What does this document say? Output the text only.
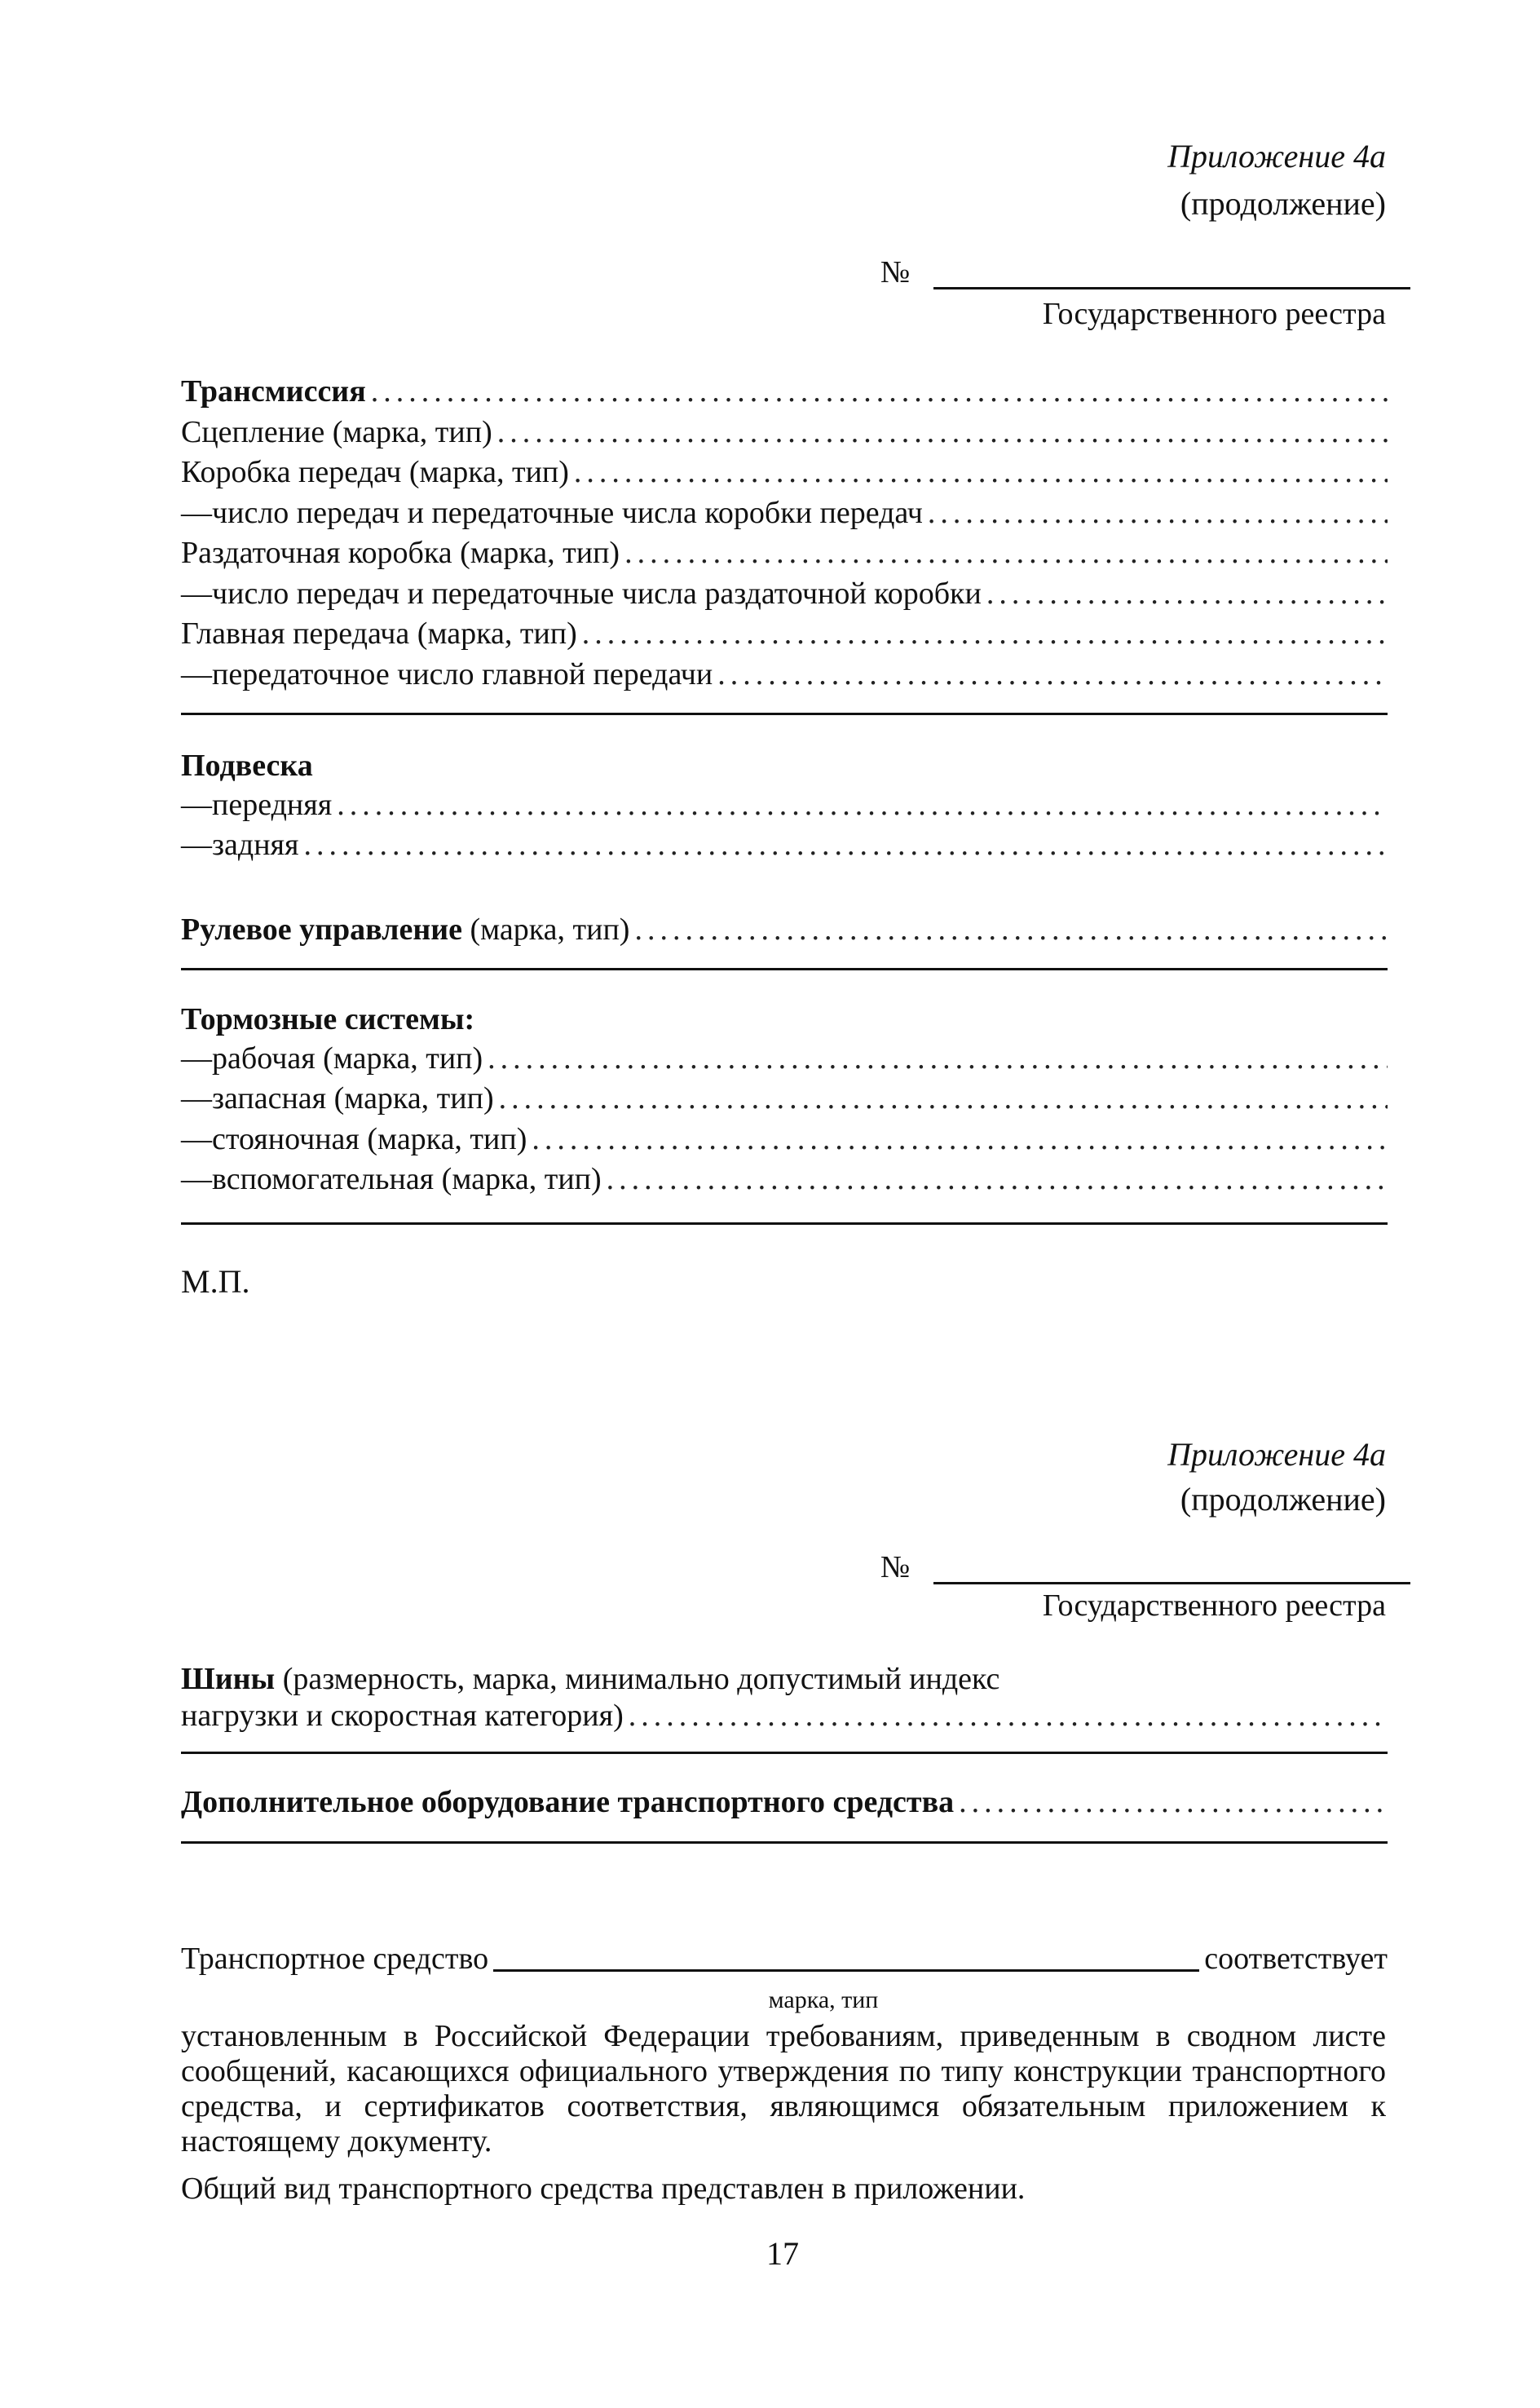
Приложение 4а
(продолжение)
№
Государственного реестра
Трансмиссия
.....
Сцепление (марка, тип)
.....
Коробка передач (марка, тип)
.....
—число передач и передаточные числа коробки передач
.....
Раздаточная коробка (марка, тип)
.....
—число передач и передаточные числа раздаточной коробки
.....
Главная передача (марка, тип)
.....
—передаточное число главной передачи
.....
Подвеска
—передняя
.....
—задняя
.....
Рулевое управление (марка, тип)
.....
Тормозные системы:
—рабочая (марка, тип)
.....
—запасная (марка, тип)
.....
—стояночная (марка, тип)
.....
—вспомогательная (марка, тип)
.....
М.П.
Приложение 4а
(продолжение)
№
Государственного реестра
Шины (размерность, марка, минимально допустимый индекс
нагрузки и скоростная категория)
.....
Дополнительное оборудование транспортного средства
.....
Транспортное средство	соответствует
марка, тип
установленным в Российской Федерации требованиям, приведенным в сводном листе сообщений, касающихся официального утверждения по типу конструкции транспортного средства, и сертификатов соответствия, являющимся обязательным приложением к настоящему документу.
Общий вид транспортного средства представлен в приложении.
17
